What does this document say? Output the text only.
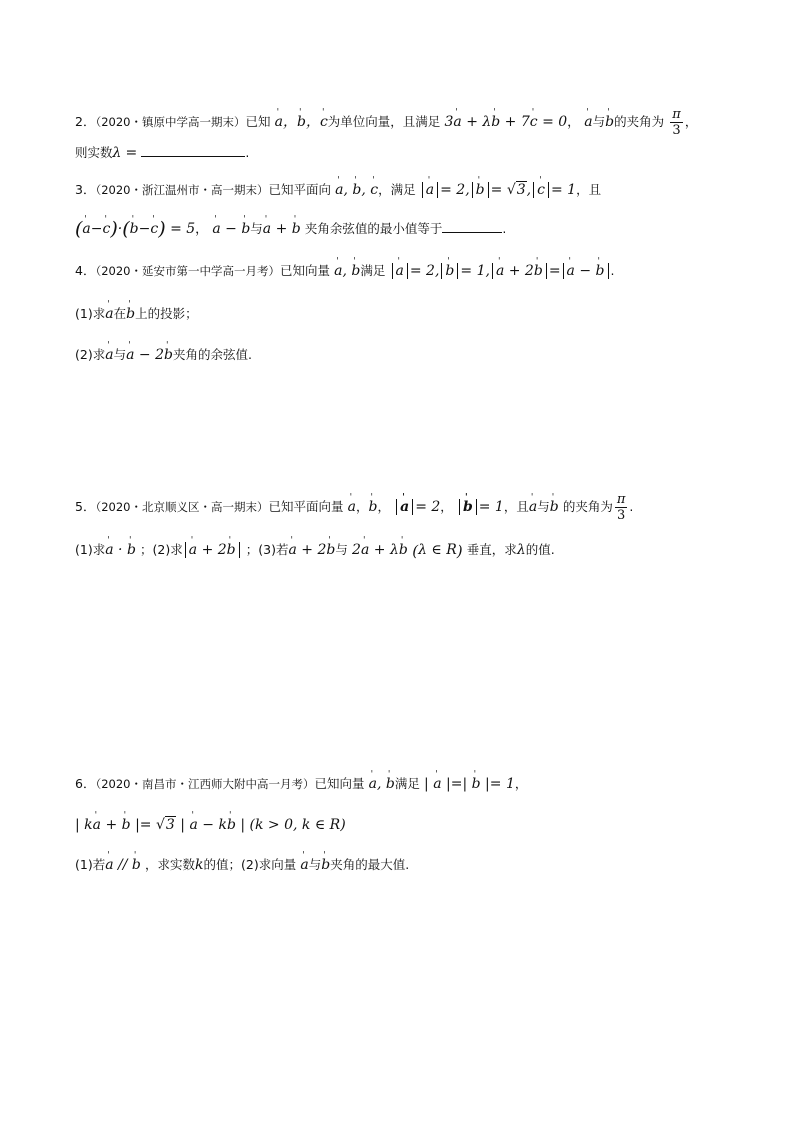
2．（2020・镇原中学高一期末）已知 ' a，' b，' c为单位向量，且满足 3' a + λ' b + 7' c = 0， ' a与' b的夹角为 $\frac{\pi}{3}$ ，
则实数λ =	.
3．（2020・浙江温州市・高一期末）已知平面向 ' a, ' b, ' c，满足 ' a = 2, ' b = √3, ' c = 1，且
(' a−' c)·(' b−' c) = 5， ' a − ' b与' a + ' b 夹角余弦值的最小值等于	.
4．（2020・延安市第一中学高一月考）已知向量 ' a, ' b满足 ' a = 2, ' b = 1, ' a + 2' b = ' a − ' b .
(1)求' a在' b上的投影；
(2)求' a与' a − 2' b夹角的余弦值.
5．（2020・北京顺义区・高一期末）已知平面向量 ' a，' b， ' a = 2， ' b = 1，且' a与' b 的夹角为 $\frac{\pi}{3}$ .
(1)求' a · ' b ；(2)求 ' a + 2' b ；(3)若' a + 2' b与 2' a + λ' b (λ ∈ R) 垂直，求λ的值.
6．（2020・南昌市・江西师大附中高一月考）已知向量 ' a, ' b满足 | ' a |=| ' b |= 1，
| k' a + ' b |= √3 | ' a − k' b | (k > 0, k ∈ R)
(1)若' a // ' b ，求实数k的值；(2)求向量 ' a与' b夹角的最大值.
